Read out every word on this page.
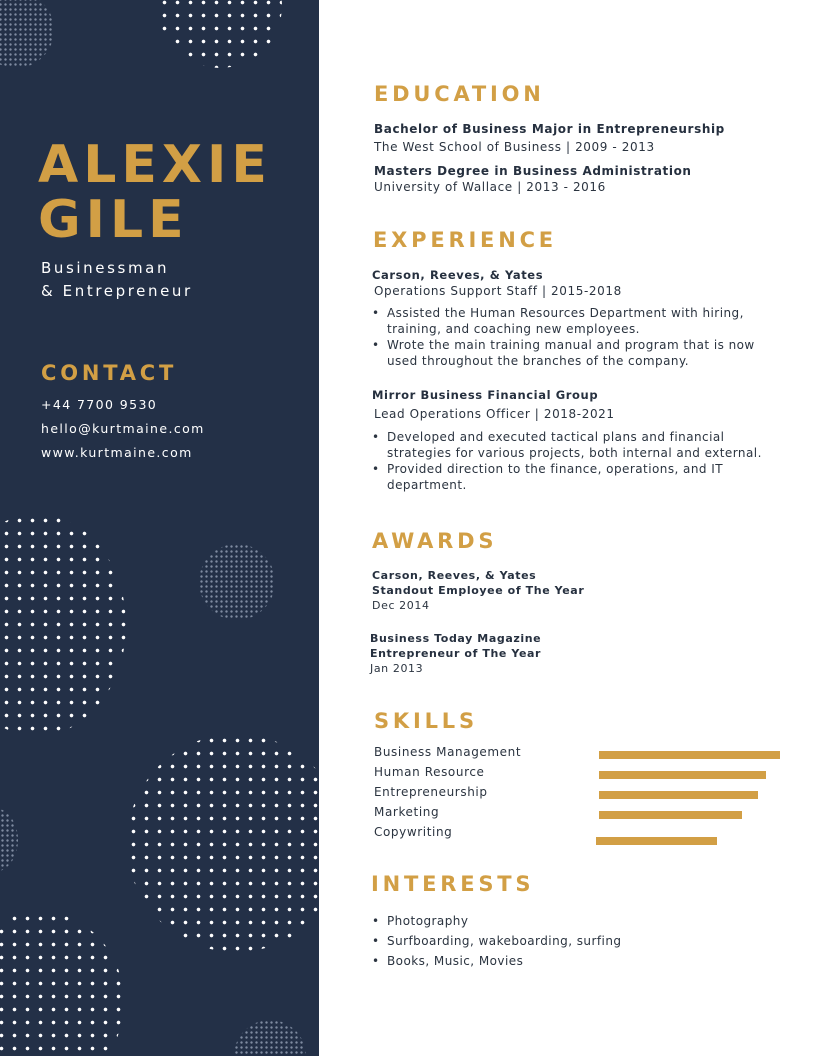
ALEXIE
GILE
Businessman
& Entrepreneur
CONTACT
+44 7700 9530
hello@kurtmaine.com
www.kurtmaine.com
EDUCATION
Bachelor of Business Major in Entrepreneurship
The West School of Business | 2009 - 2013
Masters Degree in Business Administration
University of Wallace | 2013 - 2016
EXPERIENCE
Carson, Reeves, & Yates
Operations Support Staff | 2015-2018
• Assisted the Human Resources Department with hiring, training, and coaching new employees.
• Wrote the main training manual and program that is now used throughout the branches of the company.
Mirror Business Financial Group
Lead Operations Officer | 2018-2021
• Developed and executed tactical plans and financial strategies for various projects, both internal and external.
• Provided direction to the finance, operations, and IT department.
AWARDS
Carson, Reeves, & Yates
Standout Employee of The Year
Dec 2014
Business Today Magazine
Entrepreneur of The Year
Jan 2013
SKILLS
Business Management
Human Resource
Entrepreneurship
Marketing
Copywriting
INTERESTS
• Photography
• Surfboarding, wakeboarding, surfing
• Books, Music, Movies
